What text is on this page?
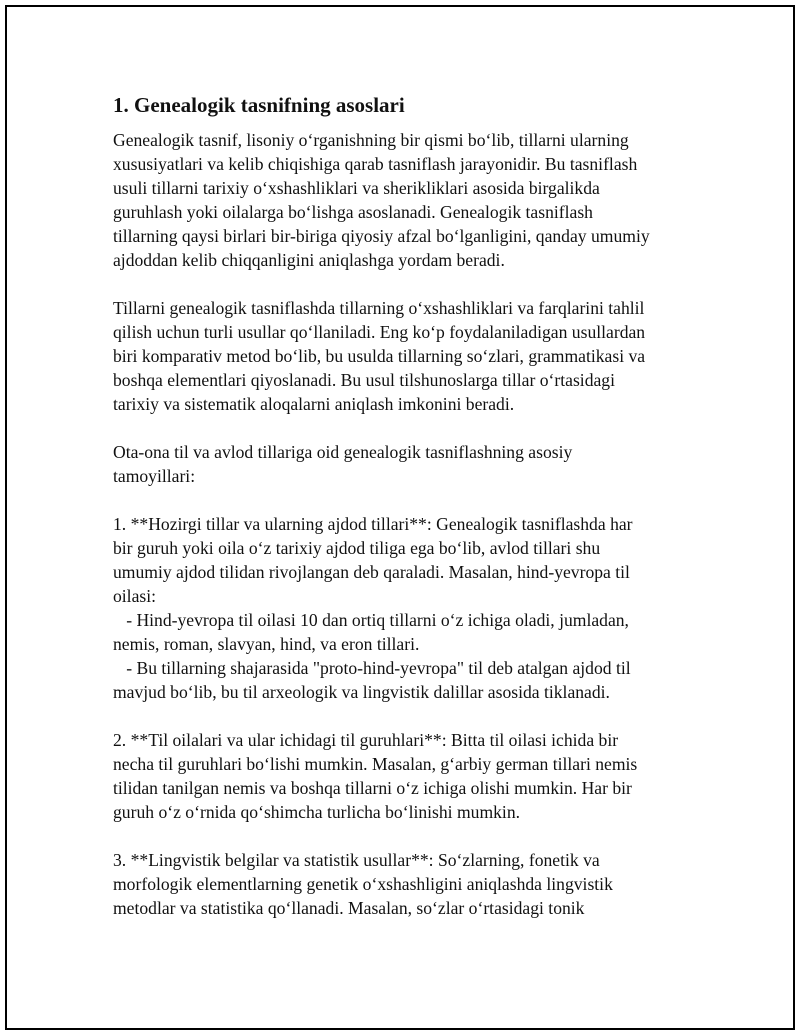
1. Genealogik tasnifning asoslari

Genealogik tasnif, lisoniy oʻrganishning bir qismi boʻlib, tillarni ularning
xususiyatlari va kelib chiqishiga qarab tasniflash jarayonidir. Bu tasniflash
usuli tillarni tarixiy oʻxshashliklari va sherikliklari asosida birgalikda
guruhlash yoki oilalarga boʻlishga asoslanadi. Genealogik tasniflash
tillarning qaysi birlari bir-biriga qiyosiy afzal boʻlganligini, qanday umumiy
ajdoddan kelib chiqqanligini aniqlashga yordam beradi.

Tillarni genealogik tasniflashda tillarning oʻxshashliklari va farqlarini tahlil
qilish uchun turli usullar qoʻllaniladi. Eng koʻp foydalaniladigan usullardan
biri komparativ metod boʻlib, bu usulda tillarning soʻzlari, grammatikasi va
boshqa elementlari qiyoslanadi. Bu usul tilshunoslarga tillar oʻrtasidagi
tarixiy va sistematik aloqalarni aniqlash imkonini beradi.

Ota-ona til va avlod tillariga oid genealogik tasniflashning asosiy
tamoyillari:

1. **Hozirgi tillar va ularning ajdod tillari**: Genealogik tasniflashda har
bir guruh yoki oila oʻz tarixiy ajdod tiliga ega boʻlib, avlod tillari shu
umumiy ajdod tilidan rivojlangan deb qaraladi. Masalan, hind-yevropa til
oilasi:
- Hind-yevropa til oilasi 10 dan ortiq tillarni oʻz ichiga oladi, jumladan,
nemis, roman, slavyan, hind, va eron tillari.
- Bu tillarning shajarasida "proto-hind-yevropa" til deb atalgan ajdod til
mavjud boʻlib, bu til arxeologik va lingvistik dalillar asosida tiklanadi.

2. **Til oilalari va ular ichidagi til guruhlari**: Bitta til oilasi ichida bir
necha til guruhlari boʻlishi mumkin. Masalan, gʻarbiy german tillari nemis
tilidan tanilgan nemis va boshqa tillarni oʻz ichiga olishi mumkin. Har bir
guruh oʻz oʻrnida qoʻshimcha turlicha boʻlinishi mumkin.

3. **Lingvistik belgilar va statistik usullar**: Soʻzlarning, fonetik va
morfologik elementlarning genetik oʻxshashligini aniqlashda lingvistik
metodlar va statistika qoʻllanadi. Masalan, soʻzlar oʻrtasidagi tonik
